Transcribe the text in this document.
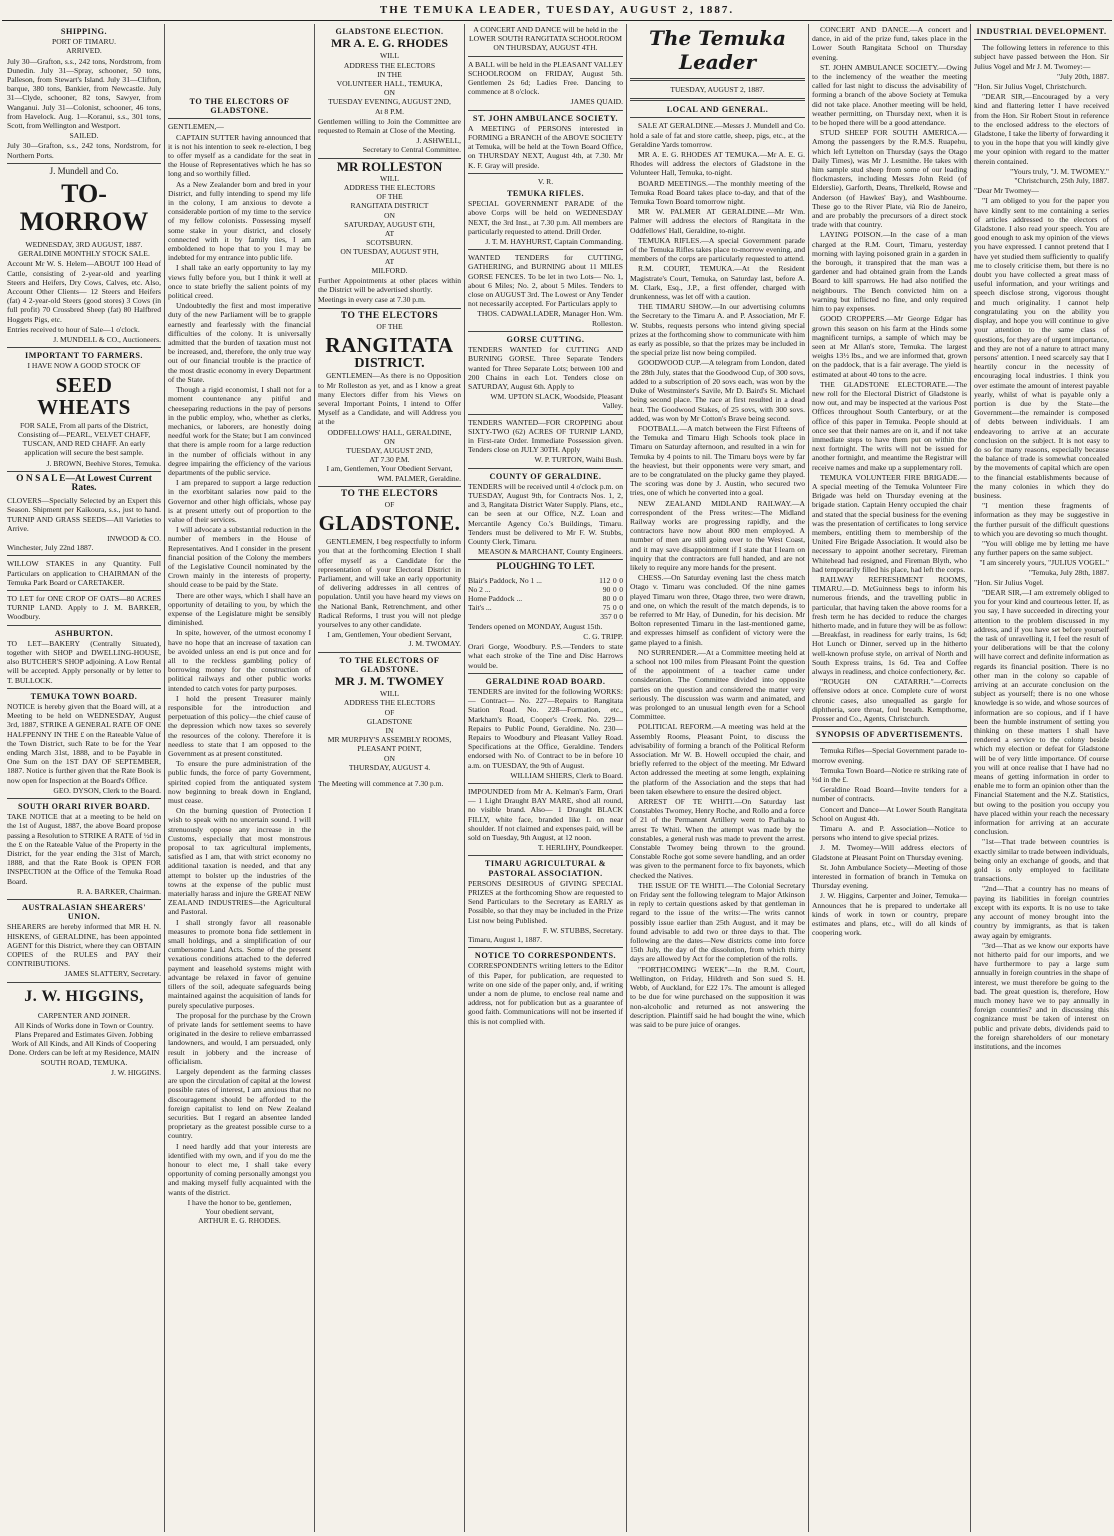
THE TEMUKA LEADER, TUESDAY, AUGUST 2, 1887.
SHIPPING.
PORT OF TIMARU.
ARRIVED.

July 30—Grafton, s.s., 242 tons, Nordstrom, from Dunedin. July 31—Spray, schooner, 50 tons, Palleson, from Stewart's Island. July 31—Clifton, barque, 380 tons, Bankier, from Newcastle. July 31—Clyde, schooner, 82 tons, Sawyer, from Wanganui. July 31—Colonist, schooner, 46 tons, from Havelock. Aug. 1—Koranui, s.s., 301 tons, Scott, from Wellington and Westport.

SAILED.

July 30—Grafton, s.s., 242 tons, Nordstrom, for Northern Ports.

J. Mundell and Co.
TO-MORROW
WEDNESDAY, 3RD AUGUST, 1887.
GERALDINE MONTHLY STOCK SALE.

Account Mr W. S. Helem—ABOUT 100 Head of Cattle, consisting of 2-year-old and yearling Steers and Heifers, Dry Cows, Calves, etc. Also, Account Other Clients— 12 Steers and Heifers (fat) 4 2-year-old Steers (good stores) 3 Cows (in full profit) 70 Crossbred Sheep (fat) 80 Halfbred Hoggets Pigs, etc.

Entries received to hour of Sale—1 o'clock.

J. MUNDELL & CO., Auctioneers.
IMPORTANT TO FARMERS.
I HAVE NOW A GOOD STOCK OF
SEED WHEATS

FOR SALE, From all parts of the District, Consisting of—PEARL, VELVET CHAFF, TUSCAN, AND RED CHAFF. An early application will secure the best sample.

J. BROWN, Beehive Stores, Temuka.
O N S A L E—At Lowest Current Rates.

CLOVERS—Specially Selected by an Expert this Season. Shipment per Kaikoura, s.s., just to hand. TURNIP AND GRASS SEEDS—All Varieties to Arrive.

INWOOD & CO.
Winchester, July 22nd 1887.

WILLOW STAKES in any Quantity. Full Particulars on application to CHAIRMAN of the Temuka Park Board or CARETAKER.

TO LET for ONE CROP OF OATS—80 ACRES TURNIP LAND. Apply to J. M. BARKER, Woodbury.

ASHBURTON.

TO LET—BAKERY (Centrally Situated), together with SHOP and DWELLING-HOUSE, also BUTCHER'S SHOP adjoining. A Low Rental will be accepted. Apply personally or by letter to T. BULLOCK.

TEMUKA TOWN BOARD.

NOTICE is hereby given that the Board will, at a Meeting to be held on WEDNESDAY, August 3rd, 1887, STRIKE A GENERAL RATE OF ONE HALFPENNY IN THE £ on the Rateable Value of the Town District, such Rate to be for the Year ending March 31st, 1888, and to be Payable in One Sum on the 1ST DAY OF SEPTEMBER, 1887. Notice is further given that the Rate Book is now open for Inspection at the Board's Office.

GEO. DYSON, Clerk to the Board.
SOUTH ORARI RIVER BOARD.

TAKE NOTICE that at a meeting to be held on the 1st of August, 1887, the above Board propose passing a Resolution to STRIKE A RATE of ½d in the £ on the Rateable Value of the Property in the District, for the year ending the 31st of March, 1888, and that the Rate Book is OPEN FOR INSPECTION at the Office of the Temuka Road Board.

R. A. BARKER, Chairman.
AUSTRALASIAN SHEARERS' UNION.

SHEARERS are hereby informed that MR H. N. HISKENS, of GERALDINE, has been appointed AGENT for this District, where they can OBTAIN COPIES of the RULES and PAY their CONTRIBUTIONS.

JAMES SLATTERY, Secretary.
J. W. HIGGINS,
CARPENTER AND JOINER.

All Kinds of Works done in Town or Country. Plans Prepared and Estimates Given. Jobbing Work of All Kinds, and All Kinds of Coopering Done. Orders can be left at my Residence, MAIN SOUTH ROAD, TEMUKA.

J. W. HIGGINS.
TO THE ELECTORS OF GLADSTONE.

GENTLEMEN,—

CAPTAIN SUTTER having announced that it is not his intention to seek re-election, I beg to offer myself as a candidate for the seat in the House of Representatives which he has so long and so worthily filled.

As a New Zealander born and bred in your District, and fully intending to spend my life in the colony, I am anxious to devote a considerable portion of my time to the service of my fellow colonists. Possessing myself some stake in your district, and closely connected with it by family ties, I am emboldened to hope that to you I may be indebted for my entrance into public life.

I shall take an early opportunity to lay my views fully before you, but I think it well at once to state briefly the salient points of my political creed.

Undoubtedly the first and most imperative duty of the new Parliament will be to grapple earnestly and fearlessly with the financial difficulties of the colony. It is universally admitted that the burden of taxation must not be increased, and, therefore, the only true way out of our financial trouble is the practice of the most drastic economy in every Department of the State.

Though a rigid economist, I shall not for a moment countenance any pitiful and cheeseparing reductions in the pay of persons in the public employ, who, whether as clerks, mechanics, or laborers, are honestly doing needful work for the State; but I am convinced that there is ample room for a large reduction in the number of officials without in any degree impairing the efficiency of the various departments of the public service.

I am prepared to support a large reduction in the exorbitant salaries now paid to the Governor and other high officials, whose pay is at present utterly out of proportion to the value of their services.

I will advocate a substantial reduction in the number of members in the House of Representatives. And I consider in the present financial position of the Colony the members of the Legislative Council nominated by the Crown mainly in the interests of property, should cease to be paid by the State.

There are other ways, which I shall have an opportunity of detailing to you, by which the expense of the Legislature might be sensibly diminished.

In spite, however, of the utmost economy I have no hope that an increase of taxation can be avoided unless an end is put once and for all to the reckless gambling policy of borrowing money for the construction of political railways and other public works intended to catch votes for party purposes.

I hold the present Treasurer mainly responsible for the introduction and perpetuation of this policy—the chief cause of the depression which now taxes so severely the resources of the colony. Therefore it is needless to state that I am opposed to the Government as at present constituted.

To ensure the pure administration of the public funds, the force of party Government, spirited copied from the antiquated system now beginning to break down in England, must cease.

On the burning question of Protection I wish to speak with no uncertain sound. I will strenuously oppose any increase in the Customs, especially that most monstrous proposal to tax agricultural implements, satisfied as I am, that with strict economy no additional taxation is needed, and that any attempt to bolster up the industries of the towns at the expense of the public must materially harass and injure the GREAT NEW ZEALAND INDUSTRIES—the Agricultural and Pastoral.

I shall strongly favor all reasonable measures to promote bona fide settlement in small holdings, and a simplification of our cumbersome Land Acts. Some of the present vexatious conditions attached to the deferred payment and leasehold systems might with advantage be relaxed in favor of genuine tillers of the soil, adequate safeguards being maintained against the acquisition of lands for purely speculative purposes.

The proposal for the purchase by the Crown of private lands for settlement seems to have originated in the desire to relieve embarrassed landowners, and would, I am persuaded, only result in jobbery and the increase of officialism.

Largely dependent as the farming classes are upon the circulation of capital at the lowest possible rates of interest, I am anxious that no discouragement should be afforded to the foreign capitalist to lend on New Zealand securities. But I regard an absentee landed proprietary as the greatest possible curse to a country.

I need hardly add that your interests are identified with my own, and if you do me the honour to elect me, I shall take every opportunity of coming personally amongst you and making myself fully acquainted with the wants of the district.

I have the honor to be, gentlemen,
Your obedient servant,
ARTHUR E. G. RHODES.
GLADSTONE ELECTION.
MR A. E. G. RHODES
WILL
ADDRESS THE ELECTORS
IN THE
VOLUNTEER HALL, TEMUKA,
ON
TUESDAY EVENING, AUGUST 2ND,
At 8 P.M.

Gentlemen willing to Join the Committee are requested to Remain at Close of the Meeting.

J. ASHWELL,
Secretary to Central Committee.
MR ROLLESTON
WILL
ADDRESS THE ELECTORS
OF THE
RANGITATA DISTRICT
ON
SATURDAY, AUGUST 6TH,
AT
SCOTSBURN.
ON TUESDAY, AUGUST 9TH,
AT
MILFORD.

Further Appointments at other places within the District will be advertised shortly.

Meetings in every case at 7.30 p.m.

TO THE ELECTORS
OF THE
RANGITATA
DISTRICT.

GENTLEMEN—As there is no Opposition to Mr Rolleston as yet, and as I know a great many Electors differ from his Views on several Important Points, I intend to Offer Myself as a Candidate, and will Address you at the

ODDFELLOWS' HALL, GERALDINE,
ON
TUESDAY, AUGUST 2ND,
AT 7.30 P.M.
I am, Gentlemen, Your Obedient Servant,
WM. PALMER, Geraldine.
TO THE ELECTORS
OF
GLADSTONE.

GENTLEMEN, I beg respectfully to inform you that at the forthcoming Election I shall offer myself as a Candidate for the representation of your Electoral District in Parliament, and will take an early opportunity of delivering addresses in all centres of population. Until you have heard my views on the National Bank, Retrenchment, and other Radical Reforms, I trust you will not pledge yourselves to any other candidate.

I am, Gentlemen, Your obedient Servant,
J. M. TWOMAY.
TO THE ELECTORS OF GLADSTONE.
MR J. M. TWOMEY
WILL
ADDRESS THE ELECTORS
OF
GLADSTONE
IN
MR MURPHY'S ASSEMBLY ROOMS, PLEASANT POINT,
ON
THURSDAY, AUGUST 4.

The Meeting will commence at 7.30 p.m.

A CONCERT AND DANCE will be held in the LOWER SOUTH RANGITATA SCHOOLROOM ON THURSDAY, AUGUST 4TH.

A BALL will be held in the PLEASANT VALLEY SCHOOLROOM on FRIDAY, August 5th. Gentlemen 2s 6d; Ladies Free. Dancing to commence at 8 o'clock.

JAMES QUAID.
ST. JOHN AMBULANCE SOCIETY.

A MEETING of PERSONS interested in FORMING a BRANCH of the ABOVE SOCIETY at Temuka, will be held at the Town Board Office, on THURSDAY NEXT, August 4th, at 7.30. Mr K. F. Gray will preside.

V. R.
TEMUKA RIFLES.

SPECIAL GOVERNMENT PARADE of the above Corps will be held on WEDNESDAY NEXT, the 3rd Inst., at 7.30 p.m. All members are particularly requested to attend. Drill Order.

J. T. M. HAYHURST, Captain Commanding.

WANTED TENDERS for CUTTING, GATHERING, and BURNING about 11 MILES GORSE FENCES. To be let in two Lots— No. 1, about 6 Miles; No. 2, about 5 Miles. Tenders to close on AUGUST 3rd. The Lowest or Any Tender not necessarily accepted. For Particulars apply to

THOS. CADWALLADER, Manager Hon. Wm. Rolleston.
GORSE CUTTING.

TENDERS WANTED for CUTTING AND BURNING GORSE. Three Separate Tenders wanted for Three Separate Lots; between 100 and 200 Chains in each Lot. Tenders close on SATURDAY, August 6th. Apply to

WM. UPTON SLACK, Woodside, Pleasant Valley.

TENDERS WANTED—FOR CROPPING about SIXTY-TWO (62) ACRES OF TURNIP LAND, in First-rate Order. Immediate Possession given. Tenders close on JULY 30TH. Apply

W. P. TURTON, Waihi Bush.
COUNTY OF GERALDINE.

TENDERS will be received until 4 o'clock p.m. on TUESDAY, August 9th, for Contracts Nos. 1, 2, and 3, Rangitata District Water Supply. Plans, etc., can be seen at our Office, N.Z. Loan and Mercantile Agency Co.'s Buildings, Timaru. Tenders must be delivered to Mr F. W. Stubbs, County Clerk, Timaru.

MEASON & MARCHANT, County Engineers.
PLOUGHING TO LET.
Blair's Paddock, No 1 ...	112	0	0
No 2 ...	90	0	0
Home Paddock ...	80	0	0
Tait's ...	75	0	0
357 0 0

Tenders opened on MONDAY, August 15th.

C. G. TRIPP.

Orari Gorge, Woodbury. P.S.—Tenders to state what each stroke of the Tine and Disc Harrows would be.

GERALDINE ROAD BOARD.

TENDERS are invited for the following WORKS:— Contract— No. 227—Repairs to Rangitata Station Road. No. 228—Formation, etc., Markham's Road, Cooper's Creek. No. 229—Repairs to Public Pound, Geraldine. No. 230—Repairs to Woodbury and Pleasant Valley Road. Specifications at the Office, Geraldine. Tenders endorsed with No. of Contract to be in before 10 a.m. on TUESDAY, the 9th of August.

WILLIAM SHIERS, Clerk to Board.

IMPOUNDED from Mr A. Kelman's Farm, Orari— 1 Light Draught BAY MARE, shod all round, no visible brand. Also— 1 Draught BLACK FILLY, white face, branded like L on near shoulder. If not claimed and expenses paid, will be sold on Tuesday, 9th August, at 12 noon.

T. HERLIHY, Poundkeeper.
TIMARU AGRICULTURAL & PASTORAL ASSOCIATION.

PERSONS DESIROUS of GIVING SPECIAL PRIZES at the forthcoming Show are requested to Send Particulars to the Secretary as EARLY as Possible, so that they may be included in the Prize List now being Published.

F. W. STUBBS, Secretary.
Timaru, August 1, 1887.
NOTICE TO CORRESPONDENTS.

CORRESPONDENTS writing letters to the Editor of this Paper, for publication, are requested to write on one side of the paper only, and, if writing under a nom de plume, to enclose real name and address, not for publication but as a guarantee of good faith. Communications will not be inserted if this is not complied with.

The Temuka Leader
TUESDAY, AUGUST 2, 1887.
LOCAL AND GENERAL.

SALE AT GERALDINE.—Messrs J. Mundell and Co. hold a sale of fat and store cattle, sheep, pigs, etc., at the Geraldine Yards tomorrow.

MR A. E. G. RHODES AT TEMUKA.—Mr A. E. G. Rhodes will address the electors of Gladstone in the Volunteer Hall, Temuka, to-night.

BOARD MEETINGS.—The monthly meeting of the Temuka Road Board takes place to-day, and that of the Temuka Town Board tomorrow night.

MR W. PALMER AT GERALDINE.—Mr Wm. Palmer will address the electors of Rangitata in the Oddfellows' Hall, Geraldine, to-night.

TEMUKA RIFLES.—A special Government parade of the Temuka Rifles takes place to-morrow evening, and members of the corps are particularly requested to attend.

R.M. COURT, TEMUKA.—At the Resident Magistrate's Court, Temuka, on Saturday last, before A. M. Clark, Esq., J.P., a first offender, charged with drunkenness, was let off with a caution.

THE TIMARU SHOW.—In our advertising columns the Secretary to the Timaru A. and P. Association, Mr F. W. Stubbs, requests persons who intend giving special prizes at the forthcoming show to communicate with him as early as possible, so that the prizes may be included in the special prize list now being compiled.

GOODWOOD CUP.—A telegram from London, dated the 28th July, states that the Goodwood Cup, of 300 sovs, added to a subscription of 20 sovs each, was won by the Duke of Westminster's Savile, Mr D. Baird's St. Michael being second place. The race at first resulted in a dead heat. The Goodwood Stakes, of 25 sovs, with 300 sovs. added, was won by Mr Cotton's Brave being second.

FOOTBALL.—A match between the First Fifteens of the Temuka and Timaru High Schools took place in Timaru on Saturday afternoon, and resulted in a win for Temuka by 4 points to nil. The Timaru boys were by far the heaviest, but their opponents were very smart, and are to be congratulated on the plucky game they played. The scoring was done by J. Austin, who secured two tries, one of which he converted into a goal.

NEW ZEALAND MIDLAND RAILWAY.—A correspondent of the Press writes:—The Midland Railway works are progressing rapidly, and the contractors have now about 800 men employed. A number of men are still going over to the West Coast, and it may save disappointment if I state that I learn on inquiry that the contractors are full handed, and are not likely to require any more hands for the present.

CHESS.—On Saturday evening last the chess match Otago v. Timaru was concluded. Of the nine games played Timaru won three, Otago three, two were drawn, and one, on which the result of the match depends, is to be referred to Mr Hay, of Dunedin, for his decision. Mr Bolton represented Timaru in the last-mentioned game, and expresses himself as confident of victory were the game played to a finish.

NO SURRENDER.—At a Committee meeting held at a school not 100 miles from Pleasant Point the question of the appointment of a teacher came under consideration. The Committee divided into opposite parties on the question and considered the matter very seriously. The discussion was warm and animated, and was prolonged to an unusual length even for a School Committee.

POLITICAL REFORM.—A meeting was held at the Assembly Rooms, Pleasant Point, to discuss the advisability of forming a branch of the Political Reform Association. Mr W. B. Howell occupied the chair, and briefly referred to the object of the meeting. Mr Edward Acton addressed the meeting at some length, explaining the platform of the Association and the steps that had been taken elsewhere to ensure the desired object.

ARREST OF TE WHITI.—On Saturday last Constables Twomey, Henry Roche, and Rollo and a force of 21 of the Permanent Artillery went to Parihaka to arrest Te Whiti. When the attempt was made by the constables, a general rush was made to prevent the arrest. Constable Twomey being thrown to the ground. Constable Roche got some severe handling, and an order was given to the permanent force to fix bayonets, which checked the Natives.

THE ISSUE OF TE WHITI.—The Colonial Secretary on Friday sent the following telegram to Major Atkinson in reply to certain questions asked by that gentleman in regard to the issue of the writs:—The writs cannot possibly issue earlier than 25th August, and it may be found advisable to add two or three days to that. The following are the dates—New districts come into force 15th July, the day of the dissolution, from which thirty days are allowed by Act for the completion of the rolls.

"FORTHCOMING WEEK"—In the R.M. Court, Wellington, on Friday, Hildreth and Son sued S. H. Webb, of Auckland, for £22 17s. The amount is alleged to be due for wine purchased on the supposition it was non-alcoholic and returned as not answering the description. Plaintiff said he had bought the wine, which was said to be pure juice of oranges.

CONCERT AND DANCE.—A concert and dance, in aid of the prize fund, takes place in the Lower South Rangitata School on Thursday evening.

ST. JOHN AMBULANCE SOCIETY.—Owing to the inclemency of the weather the meeting called for last night to discuss the advisability of forming a branch of the above Society at Temuka did not take place. Another meeting will be held, weather permitting, on Thursday next, when it is to be hoped there will be a good attendance.

STUD SHEEP FOR SOUTH AMERICA.—Among the passengers by the R.M.S. Ruapehu, which left Lyttelton on Thursday (says the Otago Daily Times), was Mr J. Lesmithe. He takes with him sample stud sheep from some of our leading flockmasters, including Messrs John Reid (of Elderslie), Garforth, Deans, Threlkeld, Rowse and Anderson (of Hawkes' Bay), and Washbourne. These go to the River Plate, vià Rio de Janeiro, and are probably the precursors of a direct stock trade with that country.

LAYING POISON.—In the case of a man charged at the R.M. Court, Timaru, yesterday morning with laying poisoned grain in a garden in the borough, it transpired that the man was a gardener and had obtained grain from the Lands Board to kill sparrows. He had also notified the neighbours. The Bench convicted him on a warning but inflicted no fine, and only required him to pay expenses.

GOOD CROPPERS.—Mr George Edgar has grown this season on his farm at the Hinds some magnificent turnips, a sample of which may be seen at Mr Allan's store, Temuka. The largest weighs 13½ lbs., and we are informed that, grown on the paddock, that is a fair average. The yield is estimated at about 40 tons to the acre.

THE GLADSTONE ELECTORATE.—The new roll for the Electoral District of Gladstone is now out, and may be inspected at the various Post Offices throughout South Canterbury, or at the office of this paper in Temuka. People should at once see that their names are on it, and if not take immediate steps to have them put on within the next fortnight. The writs will not be issued for another fortnight, and meantime the Registrar will receive names and make up a supplementary roll.

TEMUKA VOLUNTEER FIRE BRIGADE.—A special meeting of the Temuka Volunteer Fire Brigade was held on Thursday evening at the brigade station. Captain Henry occupied the chair and stated that the special business for the evening was the presentation of certificates to long service members, entitling them to membership of the United Fire Brigade Association. It would also be necessary to appoint another secretary, Fireman Whitehead had resigned, and Fireman Blyth, who had temporarily filled his place, had left the corps.

RAILWAY REFRESHMENT ROOMS, TIMARU.—D. McGuinness begs to inform his numerous friends, and the travelling public in particular, that having taken the above rooms for a fresh term he has decided to reduce the charges hitherto made, and in future they will be as follow:—Breakfast, in readiness for early trains, 1s 6d; Hot Lunch or Dinner, served up in the hitherto well-known profuse style, on arrival of North and South Express trains, 1s 6d. Tea and Coffee always in readiness, and choice confectionery, &c.

"ROUGH ON CATARRH."—Corrects offensive odors at once. Complete cure of worst chronic cases, also unequalled as gargle for diphtheria, sore throat, foul breath. Kempthorne, Prosser and Co., Agents, Christchurch.

SYNOPSIS OF ADVERTISEMENTS.

Temuka Rifles—Special Government parade to-morrow evening.

Temuka Town Board—Notice re striking rate of ½d in the £.

Geraldine Road Board—Invite tenders for a number of contracts.

Concert and Dance—At Lower South Rangitata School on August 4th.

Timaru A. and P. Association—Notice to persons who intend to give special prizes.

J. M. Twomey—Will address electors of Gladstone at Pleasant Point on Thursday evening.

St. John Ambulance Society—Meeting of those interested in formation of branch in Temuka on Thursday evening.

J. W. Higgins, Carpenter and Joiner, Temuka—Announces that he is prepared to undertake all kinds of work in town or country, prepare estimates and plans, etc., will do all kinds of coopering work.

INDUSTRIAL DEVELOPMENT.

The following letters in reference to this subject have passed between the Hon. Sir Julius Vogel and Mr J. M. Twomey:—

"July 20th, 1887.

"Hon. Sir Julius Vogel, Christchurch.

"DEAR SIR,—Encouraged by a very kind and flattering letter I have received from the Hon. Sir Robert Stout in reference to the enclosed address to the electors of Gladstone, I take the liberty of forwarding it to you in the hope that you will kindly give me your opinion with regard to the matter therein contained.

"Yours truly, "J. M. TWOMEY."
"Christchurch, 25th July, 1887.

"Dear Mr Twomey—

"I am obliged to you for the paper you have kindly sent to me containing a series of articles addressed to the electors of Gladstone. I also read your speech. You are good enough to ask my opinion of the views you have expressed. I cannot pretend that I have yet studied them sufficiently to qualify me to closely criticise them, but there is no doubt you have collected a great mass of useful information, and your writings and speech disclose strong, vigorous thought and much originality. I cannot help congratulating you on the ability you display, and hope you will continue to give your attention to the same class of questions, for they are of urgent importance, and they are not of a nature to attract many persons' attention. I need scarcely say that I heartily concur in the necessity of encouraging local industries. I think you over estimate the amount of interest payable yearly, whilst of what is payable only a portion is due by the State—the Government—the remainder is composed of debts between individuals. I am endeavoring to arrive at an accurate conclusion on the subject. It is not easy to do so for many reasons, especially because the balance of trade is somewhat concealed by the movements of capital which are open to the financial establishments because of the many colonies in which they do business.

"I mention these fragments of information as they may be suggestive in the further pursuit of the difficult questions to which you are devoting so much thought.

"You will oblige me by letting me have any further papers on the same subject.

"I am sincerely yours, "JULIUS VOGEL."
"Temuka, July 28th, 1887.

"Hon. Sir Julius Vogel.

"DEAR SIR,—I am extremely obliged to you for your kind and courteous letter. If, as you say, I have succeeded in directing your attention to the problem discussed in my address, and if you have set before yourself the task of unravelling it, I feel the result of your deliberations will be that the colony will have correct and definite information as regards its financial position. There is no other man in the colony so capable of arriving at an accurate conclusion on the subject as yourself; there is no one whose knowledge is so wide, and whose sources of information are so copious, and if I have been the humble instrument of setting you thinking on these matters I shall have rendered a service to the colony beside which my election or defeat for Gladstone will be of very little importance. Of course you will at once realise that I have had no means of getting information in order to enable me to form an opinion other than the Financial Statement and the N.Z. Statistics, but owing to the position you occupy you have placed within your reach the necessary information for arriving at an accurate conclusion.

"1st—That trade between countries is exactly similar to trade between individuals, being only an exchange of goods, and that gold is only employed to facilitate transactions.

"2nd—That a country has no means of paying its liabilities in foreign countries except with its exports. It is no use to take any account of money brought into the country by immigrants, as that is taken away again by emigrants.

"3rd—That as we know our exports have not hitherto paid for our imports, and we have furthermore to pay a large sum annually in foreign countries in the shape of interest, we must therefore be going to the bad. The great question is, therefore, How much money have we to pay annually in foreign countries? and in discussing this cognizance must be taken of interest on public and private debts, dividends paid to the foreign shareholders of our monetary institutions, and the incomes
